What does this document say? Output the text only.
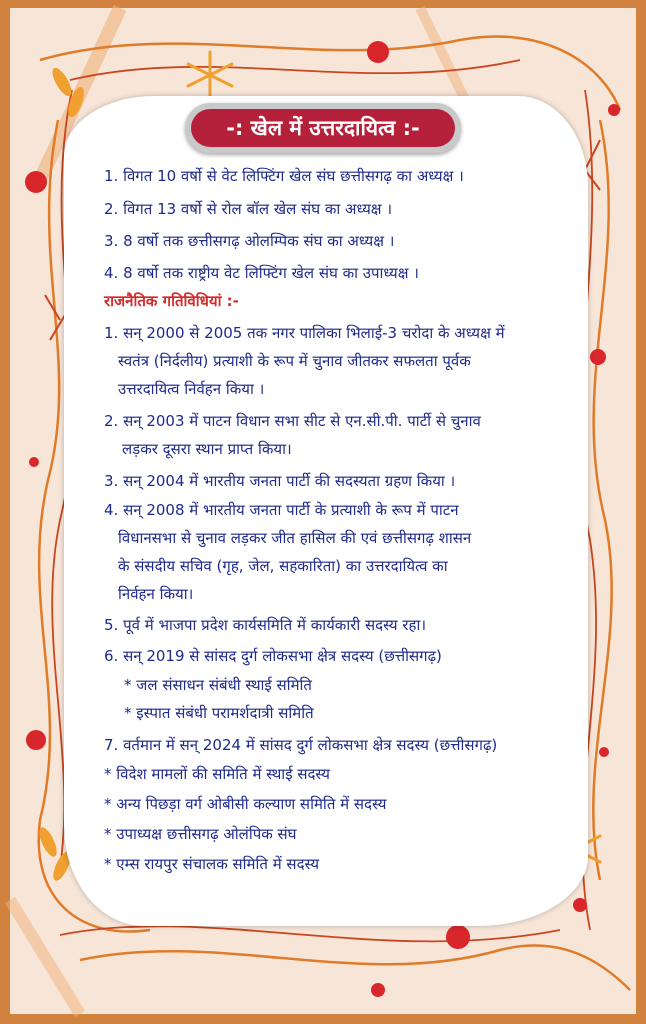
-: खेल में उत्तरदायित्व :-
1. विगत 10 वर्षो से वेट लिफ्टिंग खेल संघ छत्तीसगढ़ का अध्यक्ष ।
2. विगत 13 वर्षो से रोल बॉल खेल संघ का अध्यक्ष ।
3. 8 वर्षो तक छत्तीसगढ़ ओलम्पिक संघ का अध्यक्ष ।
4. 8 वर्षो तक राष्ट्रीय वेट लिफ्टिंग खेल संघ का उपाध्यक्ष ।
राजनैतिक गतिविधियां :-
1. सन् 2000 से 2005 तक नगर पालिका भिलाई-3 चरोदा के अध्यक्ष में
स्वतंत्र (निर्दलीय) प्रत्याशी के रूप में चुनाव जीतकर सफलता पूर्वक
उत्तरदायित्व निर्वहन किया ।
2. सन् 2003 में पाटन विधान सभा सीट से एन.सी.पी. पार्टी से चुनाव
लड़कर दूसरा स्थान प्राप्त किया।
3. सन् 2004 में भारतीय जनता पार्टी की सदस्यता ग्रहण किया ।
4. सन् 2008 में भारतीय जनता पार्टी के प्रत्याशी के रूप में पाटन
विधानसभा से चुनाव लड़कर जीत हासिल की एवं छत्तीसगढ़ शासन
के संसदीय सचिव (गृह, जेल, सहकारिता) का उत्तरदायित्व का
निर्वहन किया।
5. पूर्व में भाजपा प्रदेश कार्यसमिति में कार्यकारी सदस्य रहा।
6. सन् 2019 से सांसद दुर्ग लोकसभा क्षेत्र सदस्य (छत्तीसगढ़)
* जल संसाधन संबंधी स्थाई समिति
* इस्पात संबंधी परामर्शदात्री समिति
7. वर्तमान में सन् 2024 में सांसद दुर्ग लोकसभा क्षेत्र सदस्य (छत्तीसगढ़)
* विदेश मामलों की समिति में स्थाई सदस्य
* अन्य पिछड़ा वर्ग ओबीसी कल्याण समिति में सदस्य
* उपाध्यक्ष छत्तीसगढ़ ओलंपिक संघ
* एम्स रायपुर संचालक समिति में सदस्य
